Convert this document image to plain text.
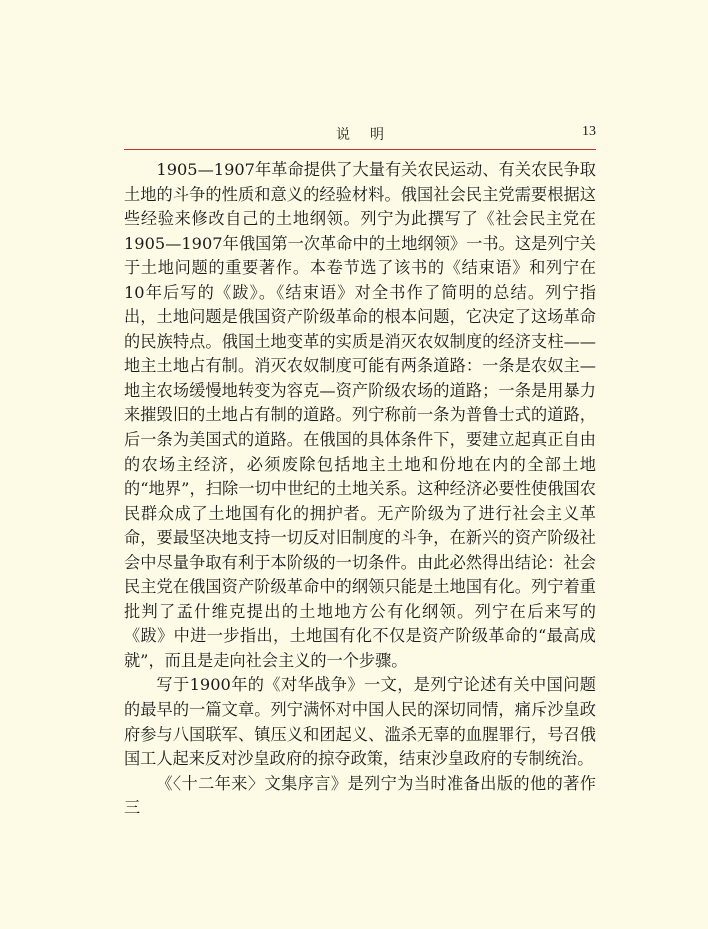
说明	13

1905—1907年革命提供了大量有关农民运动、有关农民争取土地的斗争的性质和意义的经验材料。俄国社会民主党需要根据这些经验来修改自己的土地纲领。列宁为此撰写了《社会民主党在1905—1907年俄国第一次革命中的土地纲领》一书。这是列宁关于土地问题的重要著作。本卷节选了该书的《结束语》和列宁在10年后写的《跋》。《结束语》对全书作了简明的总结。列宁指出，土地问题是俄国资产阶级革命的根本问题，它决定了这场革命的民族特点。俄国土地变革的实质是消灭农奴制度的经济支柱——地主土地占有制。消灭农奴制度可能有两条道路：一条是农奴主—地主农场缓慢地转变为容克—资产阶级农场的道路；一条是用暴力来摧毁旧的土地占有制的道路。列宁称前一条为普鲁士式的道路，后一条为美国式的道路。在俄国的具体条件下，要建立起真正自由的农场主经济，必须废除包括地主土地和份地在内的全部土地的“地界”，扫除一切中世纪的土地关系。这种经济必要性使俄国农民群众成了土地国有化的拥护者。无产阶级为了进行社会主义革命，要最坚决地支持一切反对旧制度的斗争，在新兴的资产阶级社会中尽量争取有利于本阶级的一切条件。由此必然得出结论：社会民主党在俄国资产阶级革命中的纲领只能是土地国有化。列宁着重批判了孟什维克提出的土地地方公有化纲领。列宁在后来写的《跋》中进一步指出，土地国有化不仅是资产阶级革命的“最高成就”，而且是走向社会主义的一个步骤。

写于1900年的《对华战争》一文，是列宁论述有关中国问题的最早的一篇文章。列宁满怀对中国人民的深切同情，痛斥沙皇政府参与八国联军、镇压义和团起义、滥杀无辜的血腥罪行，号召俄国工人起来反对沙皇政府的掠夺政策，结束沙皇政府的专制统治。

《〈十二年来〉文集序言》是列宁为当时准备出版的他的著作三
